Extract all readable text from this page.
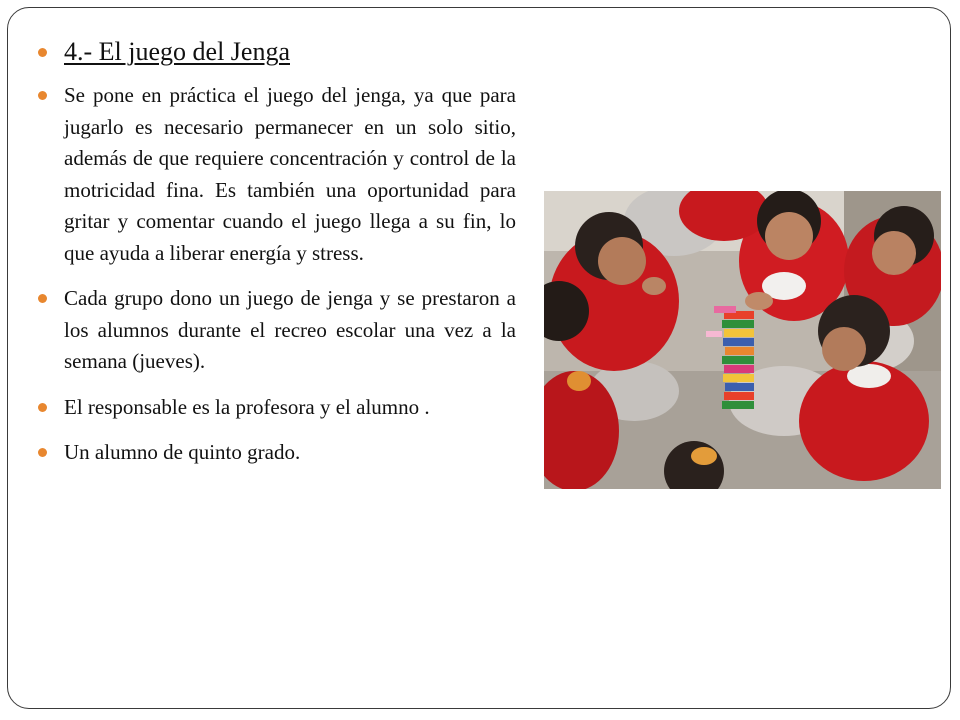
4.- El juego del Jenga
Se pone en práctica el juego del jenga, ya que para jugarlo es necesario permanecer en un solo sitio, además de que requiere concentración y control de la motricidad fina. Es también una oportunidad para gritar y comentar cuando el juego llega a su fin, lo que ayuda a liberar energía y stress.
Cada grupo dono un juego de jenga y se prestaron a los alumnos durante el recreo escolar una vez a la semana (jueves).
El responsable es la profesora y el alumno .
Un alumno de quinto grado.
